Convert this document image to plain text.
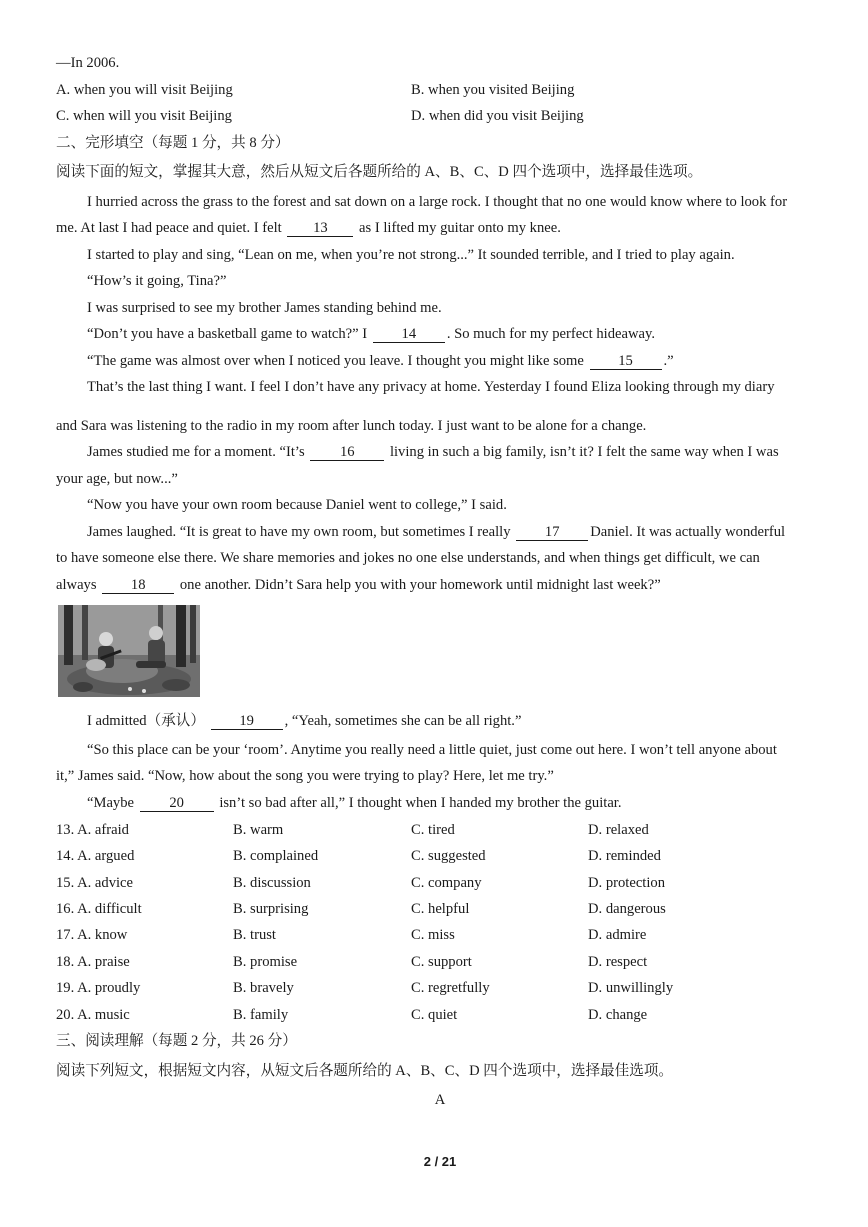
—In 2006.
A. when you will visit Beijing	B. when you visited Beijing
C. when will you visit Beijing	D. when did you visit Beijing
二、完形填空（每题 1 分，共 8 分）
阅读下面的短文，掌握其大意，然后从短文后各题所给的 A、B、C、D 四个选项中，选择最佳选项。
I hurried across the grass to the forest and sat down on a large rock. I thought that no one would know where to look for
me. At last I had peace and quiet. I felt 13 as I lifted my guitar onto my knee.
I started to play and sing, “Lean on me, when you’re not strong...” It sounded terrible, and I tried to play again.
“How’s it going, Tina?”
I was surprised to see my brother James standing behind me.
“Don’t you have a basketball game to watch?” I 14 . So much for my perfect hideaway.
“The game was almost over when I noticed you leave. I thought you might like some 15 .”
That’s the last thing I want. I feel I don’t have any privacy at home. Yesterday I found Eliza looking through my diary
and Sara was listening to the radio in my room after lunch today. I just want to be alone for a change.
James studied me for a moment. “It’s 16 living in such a big family, isn’t it? I felt the same way when I was
your age, but now...”
“Now you have your own room because Daniel went to college,” I said.
James laughed. “It is great to have my own room, but sometimes I really 17 Daniel. It was actually wonderful
to have someone else there. We share memories and jokes no one else understands, and when things get difficult, we can
always 18 one another. Didn’t Sara help you with your homework until midnight last week?”
I admitted（承认） 19 , “Yeah, sometimes she can be all right.”
“So this place can be your ‘room’. Anytime you really need a little quiet, just come out here. I won’t tell anyone about
it,” James said. “Now, how about the song you were trying to play? Here, let me try.”
“Maybe 20 isn’t so bad after all,” I thought when I handed my brother the guitar.
13. A. afraid	B. warm	C. tired	D. relaxed
14. A. argued	B. complained	C. suggested	D. reminded
15. A. advice	B. discussion	C. company	D. protection
16. A. difficult	B. surprising	C. helpful	D. dangerous
17. A. know	B. trust	C. miss	D. admire
18. A. praise	B. promise	C. support	D. respect
19. A. proudly	B. bravely	C. regretfully	D. unwillingly
20. A. music	B. family	C. quiet	D. change
三、阅读理解（每题 2 分，共 26 分）
阅读下列短文，根据短文内容，从短文后各题所给的 A、B、C、D 四个选项中，选择最佳选项。
A
2 / 21
